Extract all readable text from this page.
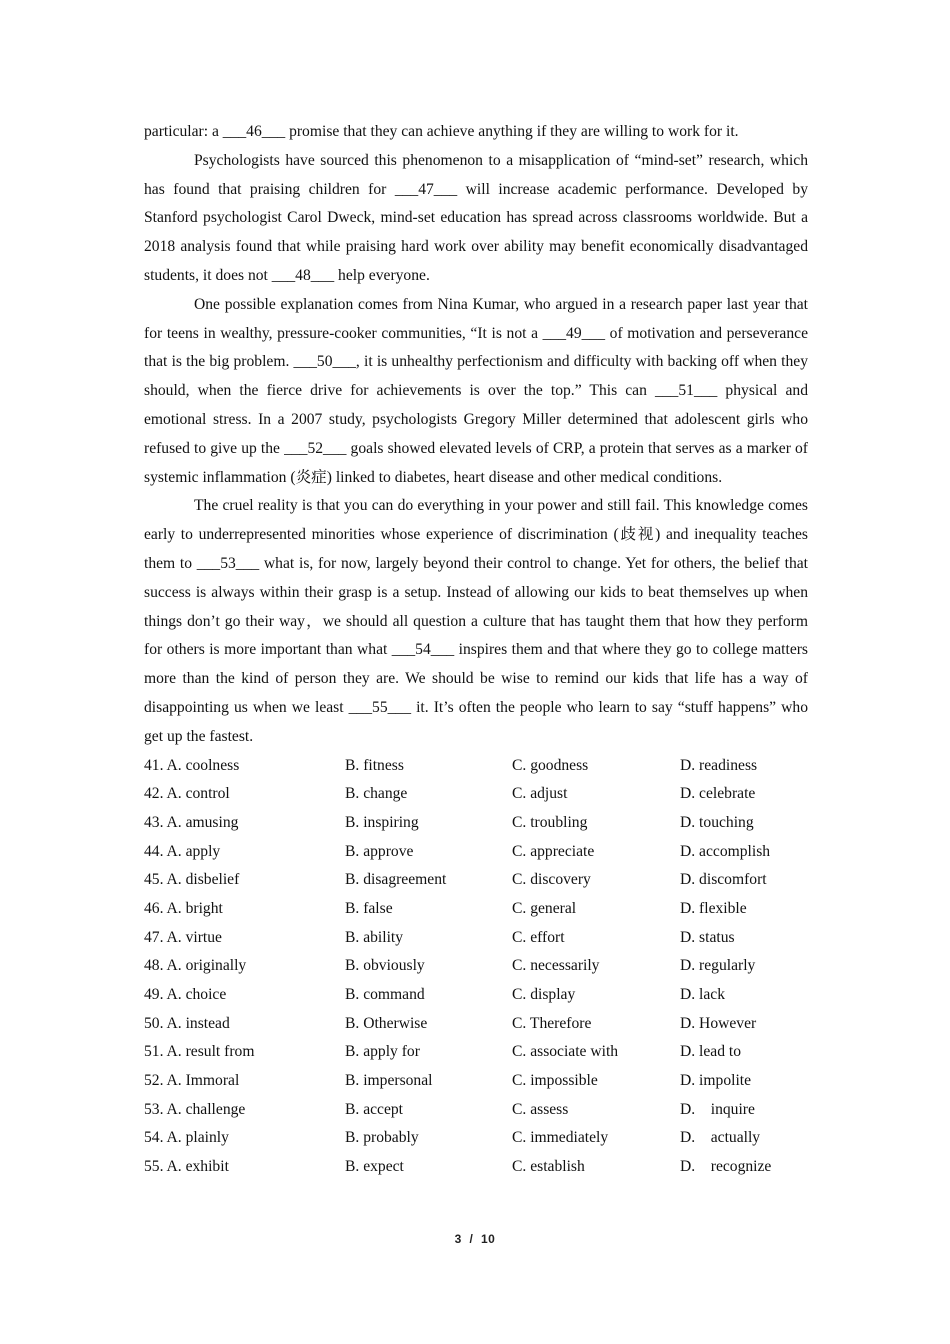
particular: a ___46___ promise that they can achieve anything if they are willing to work for it.

Psychologists have sourced this phenomenon to a misapplication of “mind-set” research, which has found that praising children for ___47___ will increase academic performance. Developed by Stanford psychologist Carol Dweck, mind-set education has spread across classrooms worldwide. But a 2018 analysis found that while praising hard work over ability may benefit economically disadvantaged students, it does not ___48___ help everyone.

One possible explanation comes from Nina Kumar, who argued in a research paper last year that for teens in wealthy, pressure-cooker communities, “It is not a ___49___ of motivation and perseverance that is the big problem. ___50___, it is unhealthy perfectionism and difficulty with backing off when they should, when the fierce drive for achievements is over the top.” This can ___51___ physical and emotional stress. In a 2007 study, psychologists Gregory Miller determined that adolescent girls who refused to give up the ___52___ goals showed elevated levels of CRP, a protein that serves as a marker of systemic inflammation (炎症) linked to diabetes, heart disease and other medical conditions.

The cruel reality is that you can do everything in your power and still fail. This knowledge comes early to underrepresented minorities whose experience of discrimination (歧视) and inequality teaches them to ___53___ what is, for now, largely beyond their control to change. Yet for others, the belief that success is always within their grasp is a setup. Instead of allowing our kids to beat themselves up when things don’t go their way，we should all question a culture that has taught them that how they perform for others is more important than what ___54___ inspires them and that where they go to college matters more than the kind of person they are. We should be wise to remind our kids that life has a way of disappointing us when we least ___55___ it. It’s often the people who learn to say “stuff happens” who get up the fastest.

41. A. coolness	B. fitness	C. goodness	D. readiness
42. A. control	B. change	C. adjust	D. celebrate
43. A. amusing	B. inspiring	C. troubling	D. touching
44. A. apply	B. approve	C. appreciate	D. accomplish
45. A. disbelief	B. disagreement	C. discovery	D. discomfort
46. A. bright	B. false	C. general	D. flexible
47. A. virtue	B. ability	C. effort	D. status
48. A. originally	B. obviously	C. necessarily	D. regularly
49. A. choice	B. command	C. display	D. lack
50. A. instead	B. Otherwise	C. Therefore	D. However
51. A. result from	B. apply for	C. associate with	D. lead to
52. A. Immoral	B. impersonal	C. impossible	D. impolite
53. A. challenge	B. accept	C. assess	D.    inquire
54. A. plainly	B. probably	C. immediately	D.    actually
55. A. exhibit	B. expect	C. establish	D.    recognize
3  /  10
